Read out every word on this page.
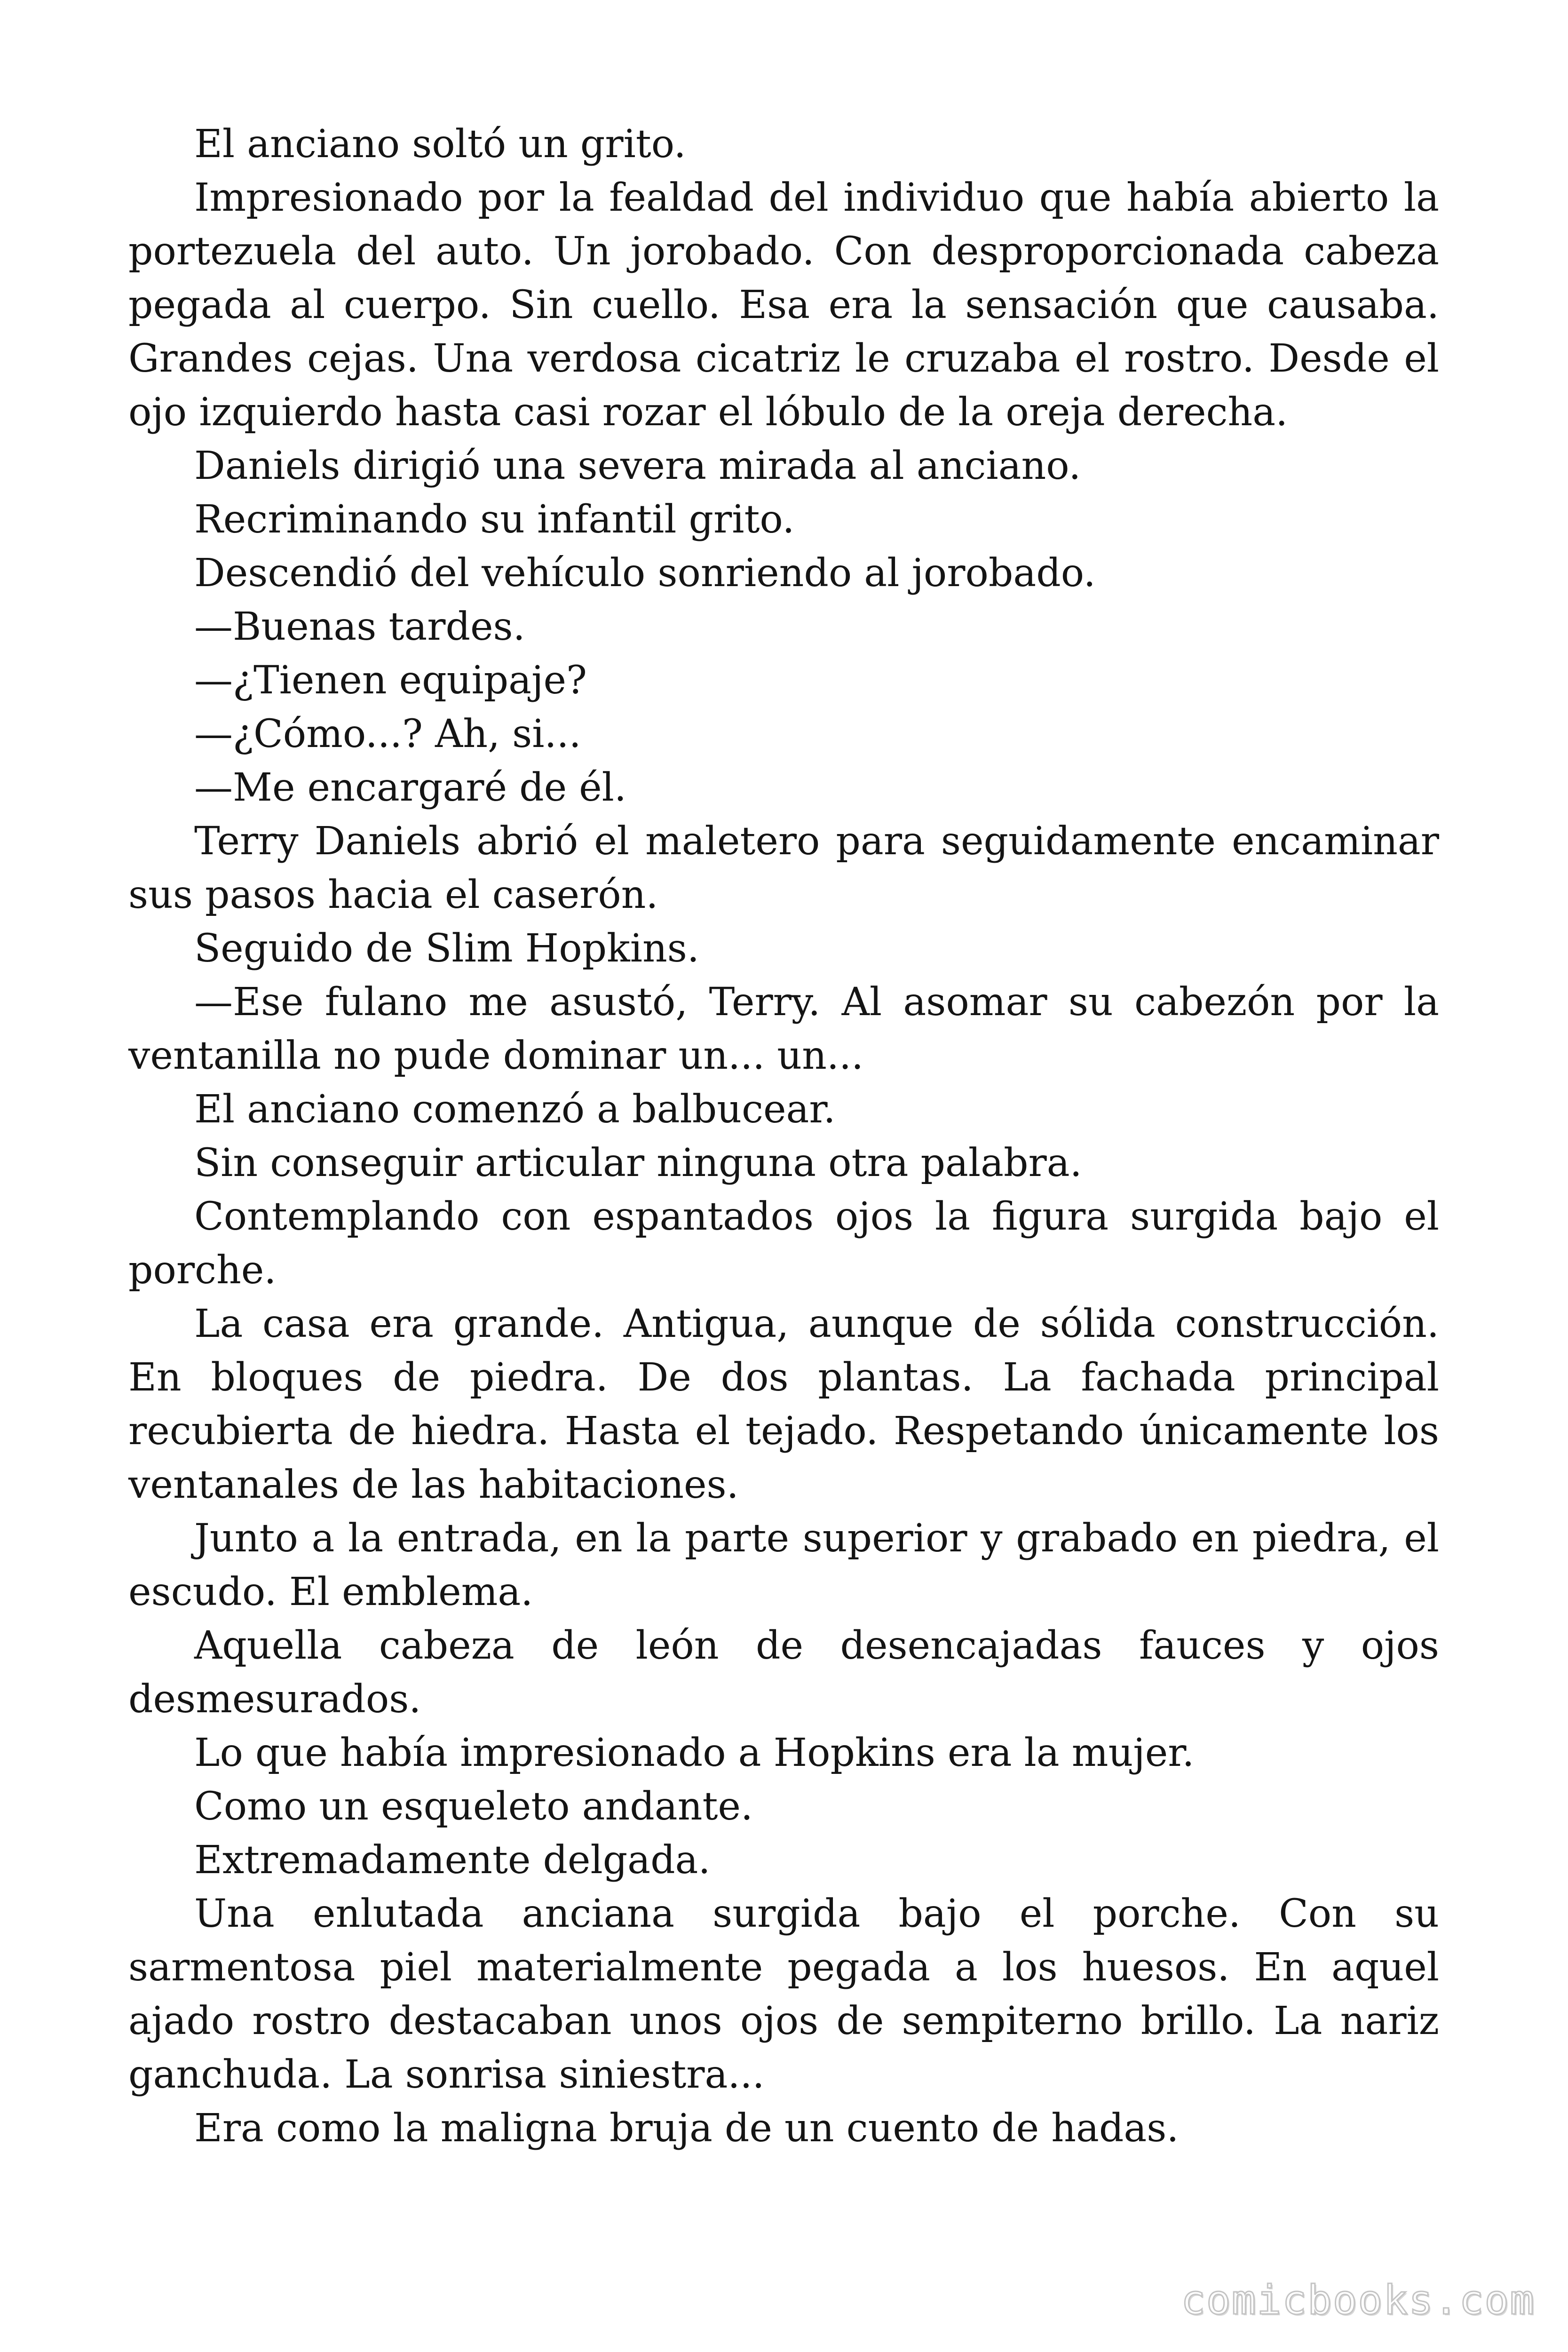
El anciano soltó un grito.

Impresionado por la fealdad del individuo que había abierto la portezuela del auto. Un jorobado. Con desproporcionada cabeza pegada al cuerpo. Sin cuello. Esa era la sensación que causaba. Grandes cejas. Una verdosa cicatriz le cruzaba el rostro. Desde el ojo izquierdo hasta casi rozar el lóbulo de la oreja derecha.

Daniels dirigió una severa mirada al anciano.

Recriminando su infantil grito.

Descendió del vehículo sonriendo al jorobado.

—Buenas tardes.

—¿Tienen equipaje?

—¿Cómo...? Ah, si...

—Me encargaré de él.

Terry Daniels abrió el maletero para seguidamente encaminar sus pasos hacia el caserón.

Seguido de Slim Hopkins.

—Ese fulano me asustó, Terry. Al asomar su cabezón por la ventanilla no pude dominar un... un...

El anciano comenzó a balbucear.

Sin conseguir articular ninguna otra palabra.

Contemplando con espantados ojos la figura surgida bajo el porche.

La casa era grande. Antigua, aunque de sólida construcción. En bloques de piedra. De dos plantas. La fachada principal recubierta de hiedra. Hasta el tejado. Respetando únicamente los ventanales de las habitaciones.

Junto a la entrada, en la parte superior y grabado en piedra, el escudo. El emblema.

Aquella cabeza de león de desencajadas fauces y ojos desmesurados.

Lo que había impresionado a Hopkins era la mujer.

Como un esqueleto andante.

Extremadamente delgada.

Una enlutada anciana surgida bajo el porche. Con su sarmentosa piel materialmente pegada a los huesos. En aquel ajado rostro destacaban unos ojos de sempiterno brillo. La nariz ganchuda. La sonrisa siniestra...

Era como la maligna bruja de un cuento de hadas.

comicbooks.com
